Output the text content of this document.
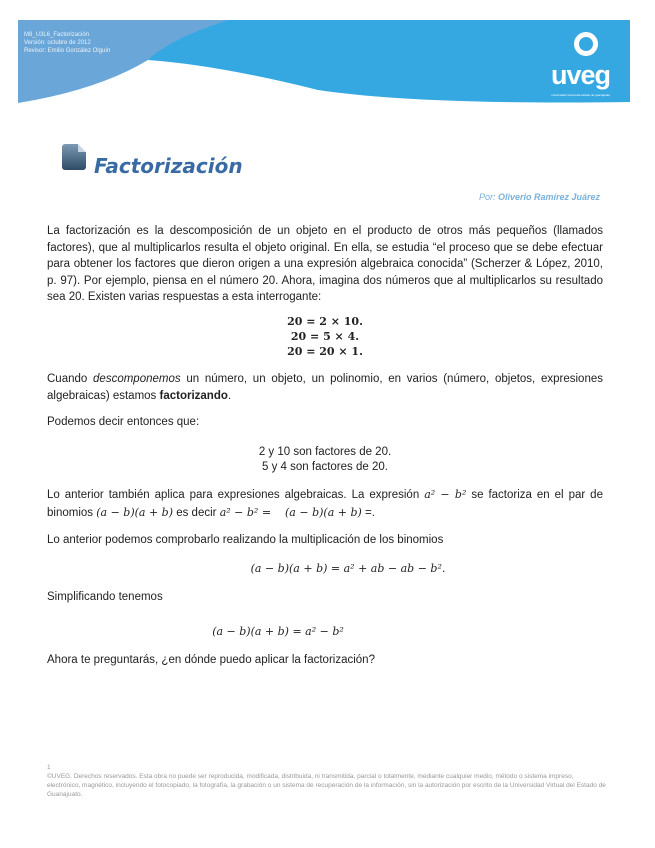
M8_U3L6_Factorización
Versión: octubre de 2012
Revisor: Emilio González Olguín
uveg
universidad virtual del estado de guanajuato
Factorización
Por: Oliverio Ramírez Juárez
La factorización es la descomposición de un objeto en el producto de otros más pequeños (llamados factores), que al multiplicarlos resulta el objeto original. En ella, se estudia “el proceso que se debe efectuar para obtener los factores que dieron origen a una expresión algebraica conocida” (Scherzer & López, 2010, p. 97). Por ejemplo, piensa en el número 20. Ahora, imagina dos números que al multiplicarlos su resultado sea 20. Existen varias respuestas a esta interrogante:
20 = 2 × 10.
20 = 5 × 4.
20 = 20 × 1.
Cuando descomponemos un número, un objeto, un polinomio, en varios (número, objetos, expresiones algebraicas) estamos factorizando.
Podemos decir entonces que:
2 y 10 son factores de 20.
5 y 4 son factores de 20.
Lo anterior también aplica para expresiones algebraicas. La expresión a² − b² se factoriza en el par de binomios (a − b)(a + b) es decir a² − b² =    (a − b)(a + b) =.
Lo anterior podemos comprobarlo realizando la multiplicación de los binomios
(a − b)(a + b) = a² + ab − ab − b².
Simplificando tenemos
(a − b)(a + b) = a² − b²
Ahora te preguntarás, ¿en dónde puedo aplicar la factorización?
1
©UVEG. Derechos reservados. Esta obra no puede ser reproducida, modificada, distribuida, ni transmitida, parcial o totalmente, mediante cualquier medio, método o sistema impreso, electrónico, magnético, incluyendo el fotocopiado, la fotografía, la grabación o un sistema de recuperación de la información, sin la autorización por escrito de la Universidad Virtual del Estado de Guanajuato.
